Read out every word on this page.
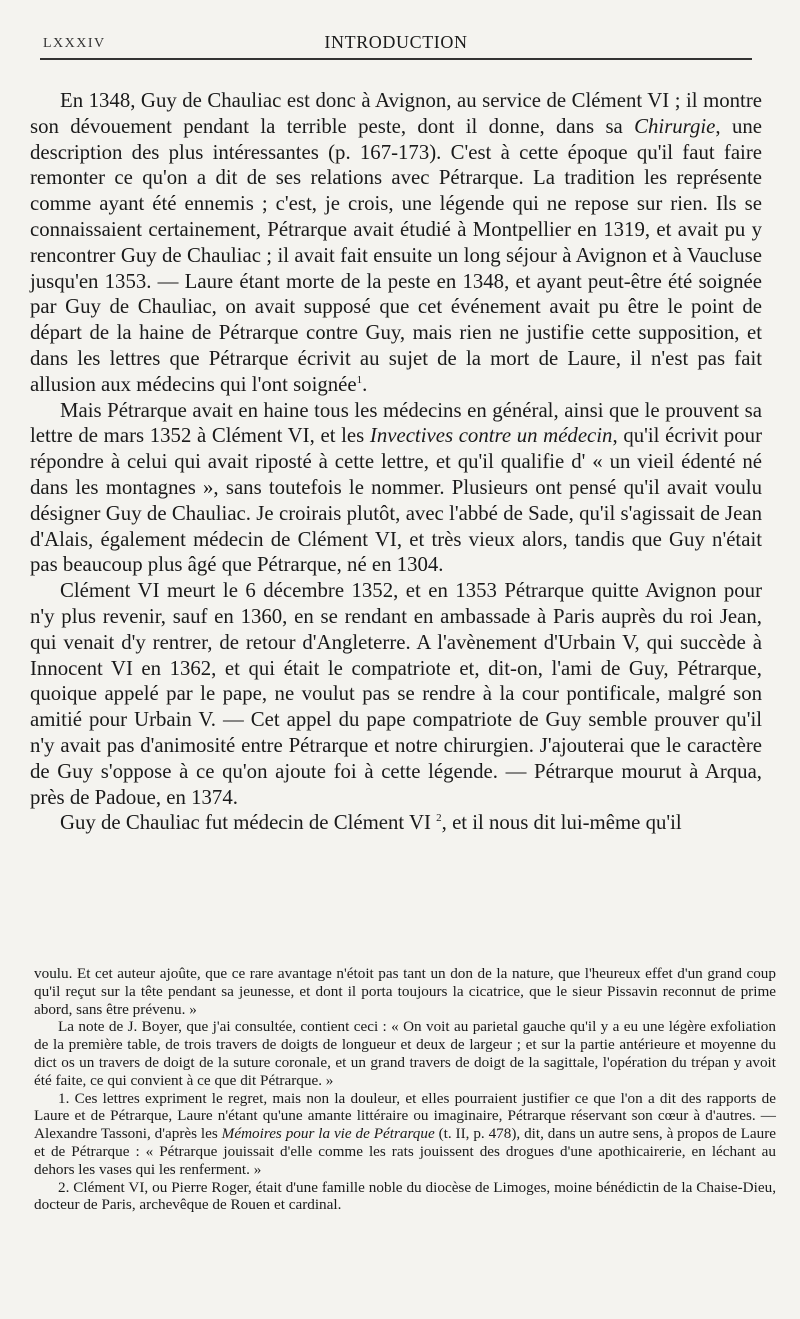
LXXXIV	INTRODUCTION

En 1348, Guy de Chauliac est donc à Avignon, au service de Clément VI ; il montre son dévouement pendant la terrible peste, dont il donne, dans sa Chirurgie, une description des plus intéressantes (p. 167-173). C'est à cette époque qu'il faut faire remonter ce qu'on a dit de ses relations avec Pétrarque. La tradition les représente comme ayant été ennemis ; c'est, je crois, une légende qui ne repose sur rien. Ils se connaissaient certainement, Pétrarque avait étudié à Montpellier en 1319, et avait pu y rencontrer Guy de Chauliac ; il avait fait ensuite un long séjour à Avignon et à Vaucluse jusqu'en 1353. — Laure étant morte de la peste en 1348, et ayant peut-être été soignée par Guy de Chauliac, on avait supposé que cet événement avait pu être le point de départ de la haine de Pétrarque contre Guy, mais rien ne justifie cette supposition, et dans les lettres que Pétrarque écrivit au sujet de la mort de Laure, il n'est pas fait allusion aux médecins qui l'ont soignée$^1$.

Mais Pétrarque avait en haine tous les médecins en général, ainsi que le prouvent sa lettre de mars 1352 à Clément VI, et les Invectives contre un médecin, qu'il écrivit pour répondre à celui qui avait riposté à cette lettre, et qu'il qualifie d' « un vieil édenté né dans les montagnes », sans toutefois le nommer. Plusieurs ont pensé qu'il avait voulu désigner Guy de Chauliac. Je croirais plutôt, avec l'abbé de Sade, qu'il s'agissait de Jean d'Alais, également médecin de Clément VI, et très vieux alors, tandis que Guy n'était pas beaucoup plus âgé que Pétrarque, né en 1304.

Clément VI meurt le 6 décembre 1352, et en 1353 Pétrarque quitte Avignon pour n'y plus revenir, sauf en 1360, en se rendant en ambassade à Paris auprès du roi Jean, qui venait d'y rentrer, de retour d'Angleterre. A l'avènement d'Urbain V, qui succède à Innocent VI en 1362, et qui était le compatriote et, dit-on, l'ami de Guy, Pétrarque, quoique appelé par le pape, ne voulut pas se rendre à la cour pontificale, malgré son amitié pour Urbain V. — Cet appel du pape compatriote de Guy semble prouver qu'il n'y avait pas d'animosité entre Pétrarque et notre chirurgien. J'ajouterai que le caractère de Guy s'oppose à ce qu'on ajoute foi à cette légende. — Pétrarque mourut à Arqua, près de Padoue, en 1374.

Guy de Chauliac fut médecin de Clément VI $^2$, et il nous dit lui-même qu'il

voulu. Et cet auteur ajoûte, que ce rare avantage n'étoit pas tant un don de la nature, que l'heureux effet d'un grand coup qu'il reçut sur la tête pendant sa jeunesse, et dont il porta toujours la cicatrice, que le sieur Pissavin reconnut de prime abord, sans être prévenu. »

La note de J. Boyer, que j'ai consultée, contient ceci : « On voit au parietal gauche qu'il y a eu une légère exfoliation de la première table, de trois travers de doigts de longueur et deux de largeur ; et sur la partie antérieure et moyenne du dict os un travers de doigt de la suture coronale, et un grand travers de doigt de la sagittale, l'opération du trépan y avoit été faite, ce qui convient à ce que dit Pétrarque. »

1. Ces lettres expriment le regret, mais non la douleur, et elles pourraient justifier ce que l'on a dit des rapports de Laure et de Pétrarque, Laure n'étant qu'une amante littéraire ou imaginaire, Pétrarque réservant son cœur à d'autres. — Alexandre Tassoni, d'après les Mémoires pour la vie de Pétrarque (t. II, p. 478), dit, dans un autre sens, à propos de Laure et de Pétrarque : « Pétrarque jouissait d'elle comme les rats jouissent des drogues d'une apothicairerie, en léchant au dehors les vases qui les renferment. »

2. Clément VI, ou Pierre Roger, était d'une famille noble du diocèse de Limoges, moine bénédictin de la Chaise-Dieu, docteur de Paris, archevêque de Rouen et cardinal.
